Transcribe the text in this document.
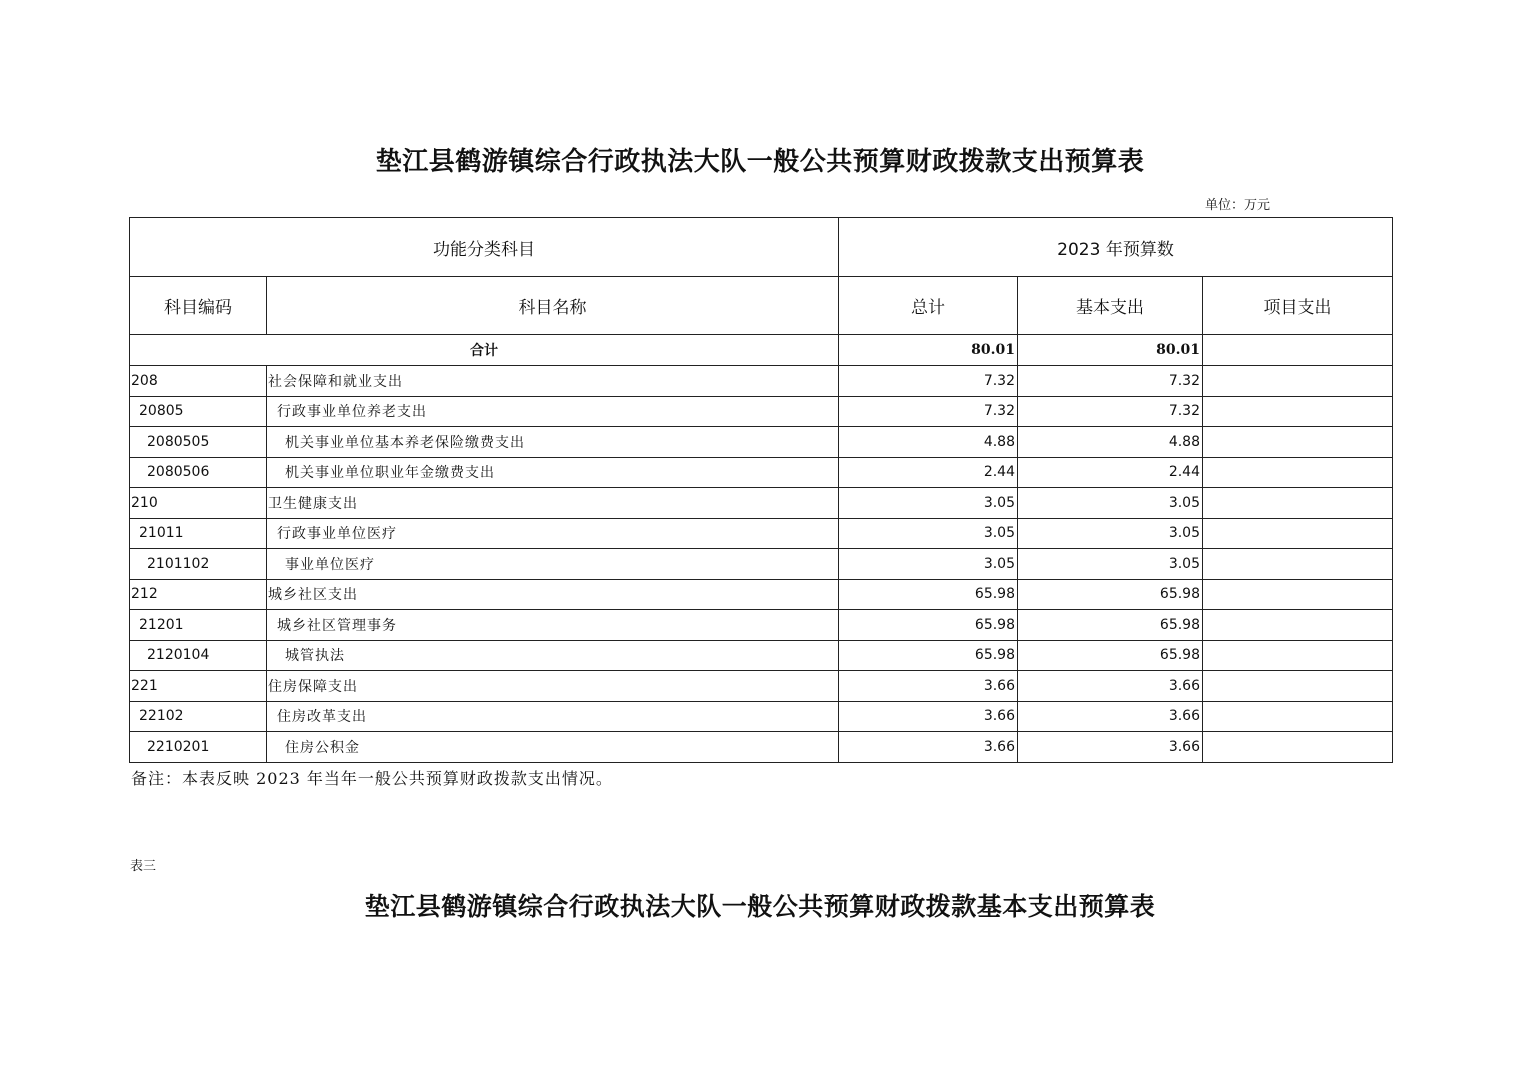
垫江县鹤游镇综合行政执法大队一般公共预算财政拨款支出预算表
单位：万元
功能分类科目		2023 年预算数		
科目编码	科目名称	总计	基本支出	项目支出
合计		80.01	80.01	
208	社会保障和就业支出	7.32	7.32	
20805	行政事业单位养老支出	7.32	7.32	
2080505	机关事业单位基本养老保险缴费支出	4.88	4.88	
2080506	机关事业单位职业年金缴费支出	2.44	2.44	
210	卫生健康支出	3.05	3.05	
21011	行政事业单位医疗	3.05	3.05	
2101102	事业单位医疗	3.05	3.05	
212	城乡社区支出	65.98	65.98	
21201	城乡社区管理事务	65.98	65.98	
2120104	城管执法	65.98	65.98	
221	住房保障支出	3.66	3.66	
22102	住房改革支出	3.66	3.66	
2210201	住房公积金	3.66	3.66	
备注：本表反映 2023 年当年一般公共预算财政拨款支出情况。
表三
垫江县鹤游镇综合行政执法大队一般公共预算财政拨款基本支出预算表
